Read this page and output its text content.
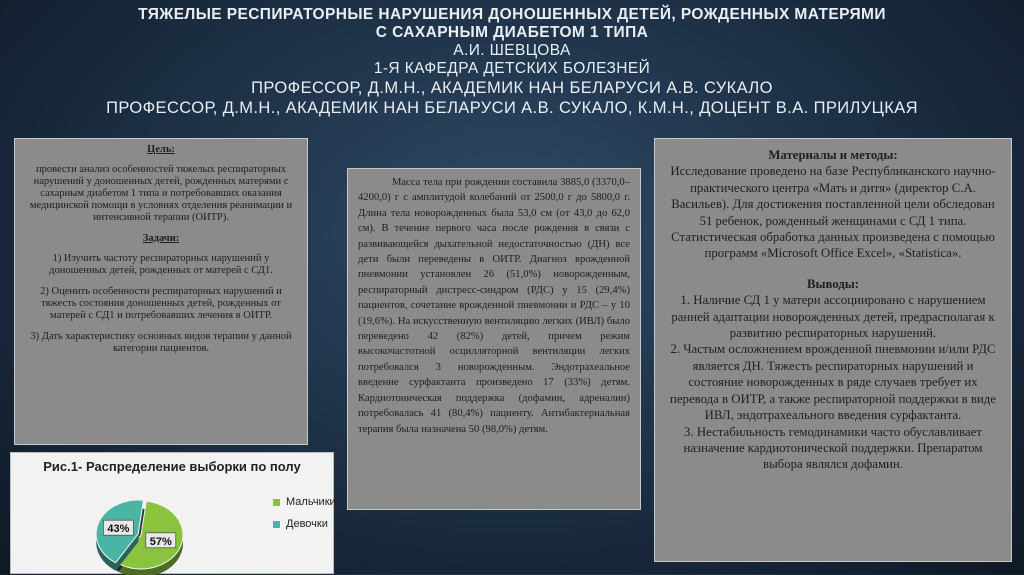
ТЯЖЕЛЫЕ РЕСПИРАТОРНЫЕ НАРУШЕНИЯ ДОНОШЕННЫХ ДЕТЕЙ, РОЖДЕННЫХ МАТЕРЯМИ
С САХАРНЫМ ДИАБЕТОМ 1 ТИПА
А.И. ШЕВЦОВА
1-Я КАФЕДРА ДЕТСКИХ БОЛЕЗНЕЙ
ПРОФЕССОР, Д.М.Н., АКАДЕМИК НАН БЕЛАРУСИ А.В. СУКАЛО
ПРОФЕССОР, Д.М.Н., АКАДЕМИК НАН БЕЛАРУСИ А.В. СУКАЛО, К.М.Н., ДОЦЕНТ В.А. ПРИЛУЦКАЯ

Цель:

провести анализ особенностей тяжелых респираторных нарушений у доношенных детей, рожденных матерями с сахарным диабетом 1 типа и потребовавших оказания медицинской помощи в условиях отделения реанимации и интенсивной терапии (ОИТР).

Задачи:

1) Изучить частоту респираторных нарушений у доношенных детей, рожденных от матерей с СД1.

2) Оценить особенности респираторных нарушений и тяжесть состояния доношенных детей, рожденных от матерей с СД1 и потребовавших лечения в ОИТР.

3) Дать характеристику основных видов терапии у данной категории пациентов.

Масса тела при рождении составила 3885,0 (3370,0–4200,0) г с амплитудой колебаний от 2500,0 г до 5800,0 г. Длина тела новорожденных была 53,0 см (от 43,0 до 62,0 см). В течение первого часа после рождения в связи с развивающейся дыхательной недостаточностью (ДН) все дети были переведены в ОИТР. Диагноз врожденной пневмонии установлен 26 (51,0%) новорожденным, респираторный дистресс-синдром (РДС) у 15 (29,4%) пациентов, сочетание врожденной пневмонии и РДС – у 10 (19,6%). На искусственную вентиляцию легких (ИВЛ) было переведено 42 (82%) детей, причем режим высокочастотной осцилляторной вентиляции легких потребовался 3 новорожденным. Эндотрахеальное введение сурфактанта произведено 17 (33%) детям. Кардиотоническая поддержка (дофамин, адреналин) потребовалась 41 (80,4%) пациенту. Антибактериальная терапия была назначена 50 (98,0%) детям.

Материалы и методы:

Исследование проведено на базе Республиканского научно-практического центра «Мать и дитя» (директор С.А. Васильев). Для достижения поставленной цели обследован 51 ребенок, рожденный женщинами с СД 1 типа. Статистическая обработка данных произведена с помощью программ «Microsoft Office Excel», «Statistica».

Выводы:

1. Наличие СД 1 у матери ассоциировано с нарушением ранней адаптации новорожденных детей, предрасполагая к развитию респираторных нарушений.
2. Частым осложнением врожденной пневмонии и/или РДС является ДН. Тяжесть респираторных нарушений и состояние новорожденных в ряде случаев требует их перевода в ОИТР, а также респираторной поддержки в виде ИВЛ, эндотрахеального введения сурфактанта.
3. Нестабильность гемодинамики часто обуславливает назначение кардиотонической поддержки. Препаратом выбора являлся дофамин.
Рис.1- Распределение выборки по полу
57%
43%
Мальчики
Девочки
